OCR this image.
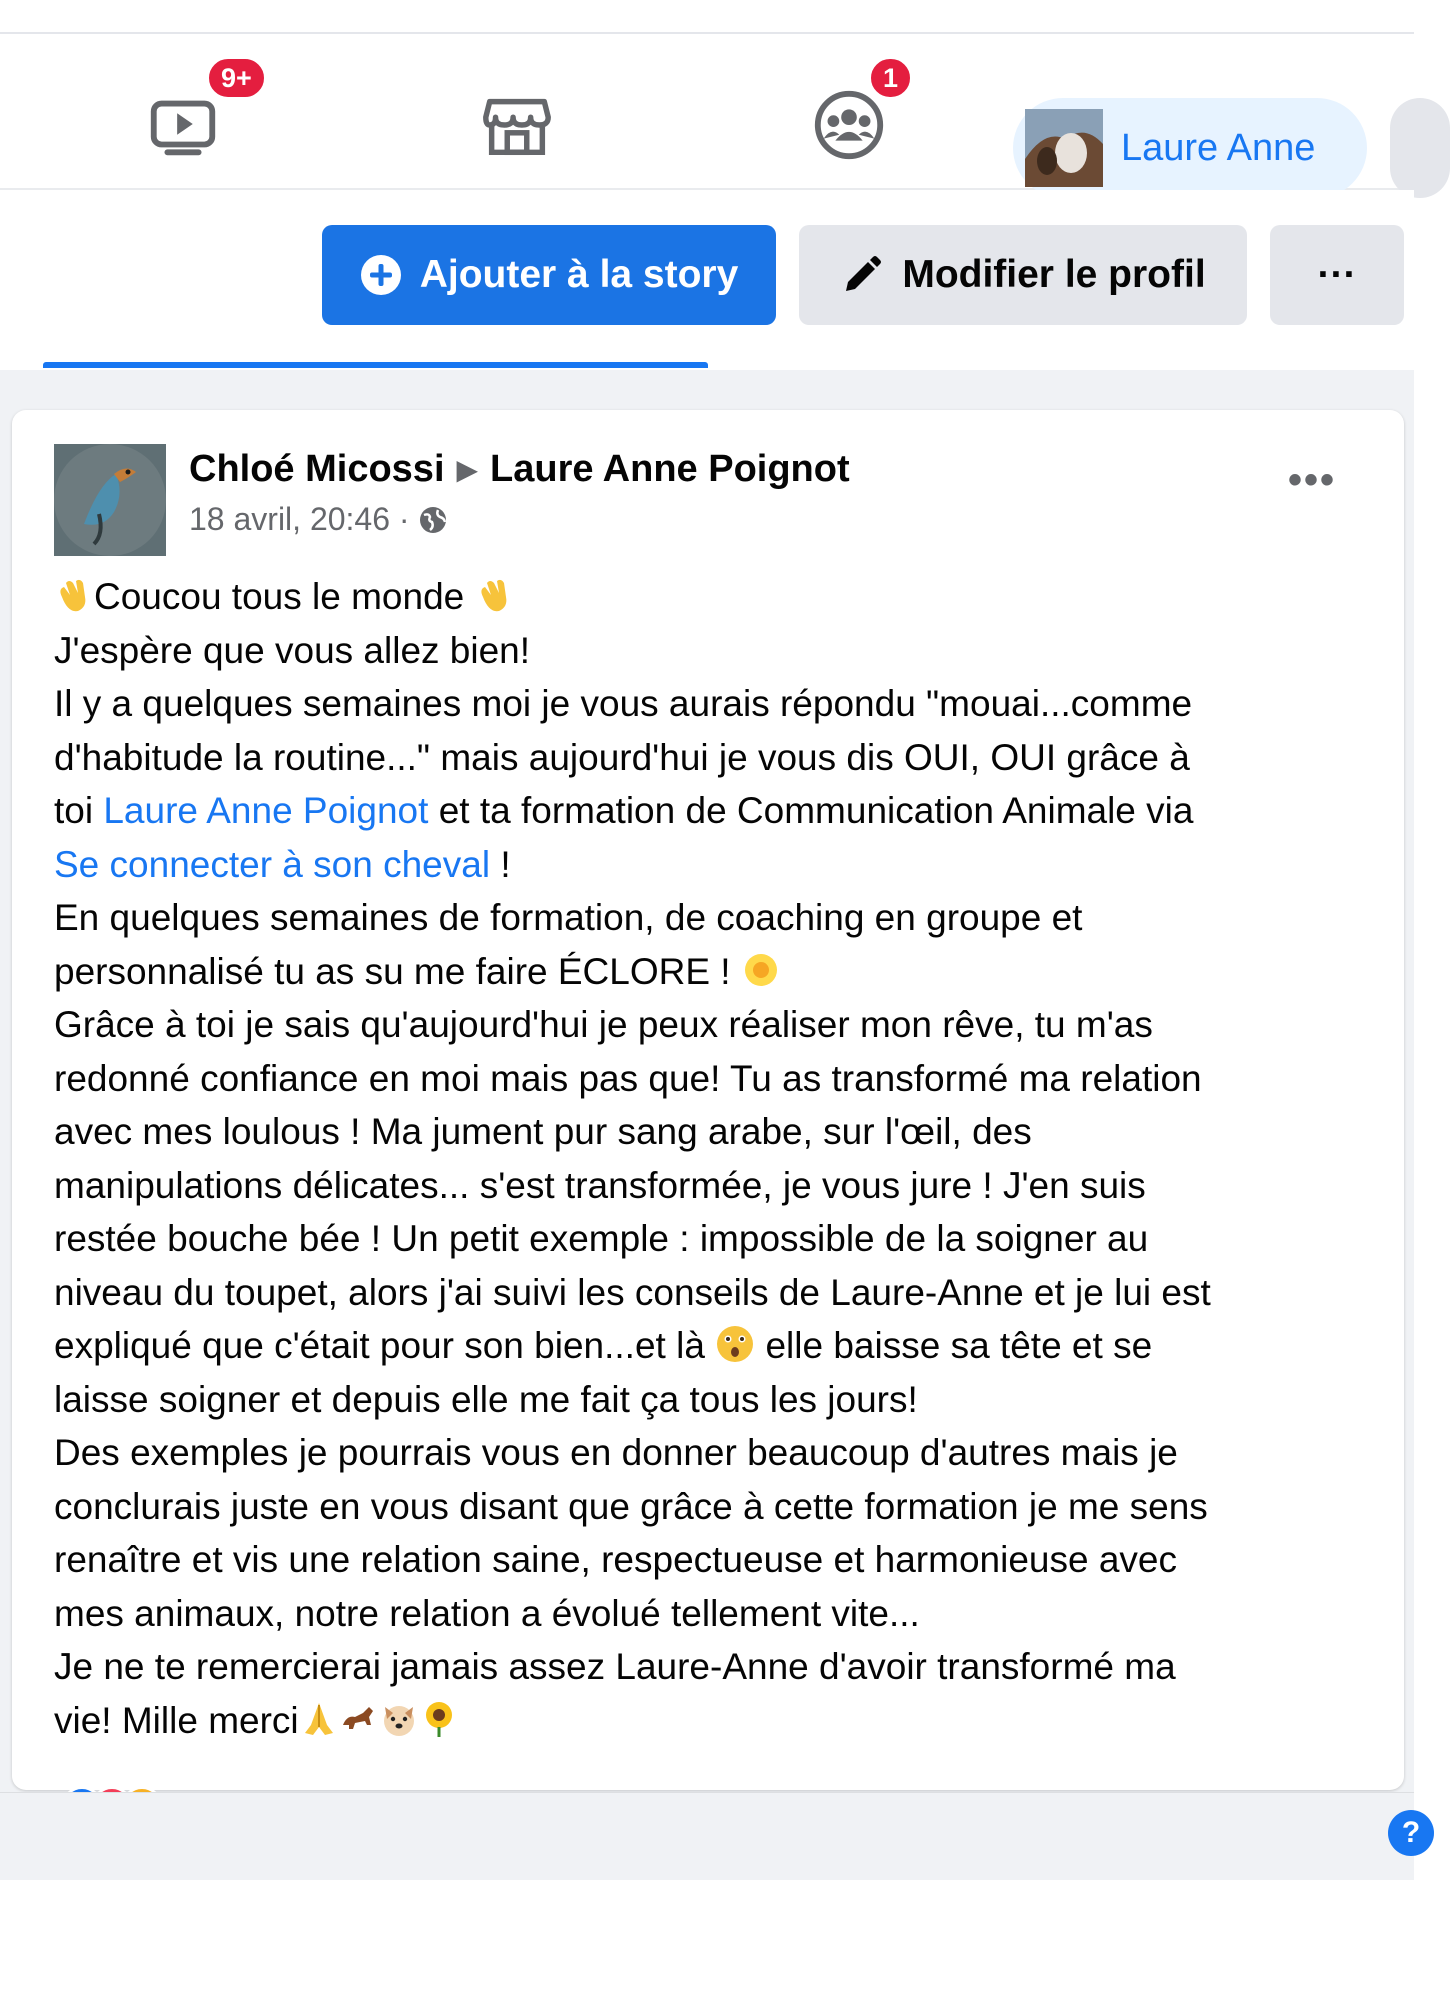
9+	1
Laure Anne
Ajouter à la story	Modifier le profil	···
Chloé Micossi ▶ Laure Anne Poignot
18 avril, 20:46 ·
•••

Coucou tous le monde

J'espère que vous allez bien!

Il y a quelques semaines moi je vous aurais répondu "mouai...comme

d'habitude la routine..." mais aujourd'hui je vous dis OUI, OUI grâce à

toi Laure Anne Poignot et ta formation de Communication Animale via

Se connecter à son cheval !

En quelques semaines de formation, de coaching en groupe et

personnalisé tu as su me faire ÉCLORE !

Grâce à toi je sais qu'aujourd'hui je peux réaliser mon rêve, tu m'as

redonné confiance en moi mais pas que! Tu as transformé ma relation

avec mes loulous ! Ma jument pur sang arabe, sur l'œil, des

manipulations délicates... s'est transformée, je vous jure ! J'en suis

restée bouche bée ! Un petit exemple : impossible de la soigner au

niveau du toupet, alors j'ai suivi les conseils de Laure-Anne et je lui est

expliqué que c'était pour son bien...et là  elle baisse sa tête et se

laisse soigner et depuis elle me fait ça tous les jours!

Des exemples je pourrais vous en donner beaucoup d'autres mais je

conclurais juste en vous disant que grâce à cette formation je me sens

renaître et vis une relation saine, respectueuse et harmonieuse avec

mes animaux, notre relation a évolué tellement vite...

Je ne te remercierai jamais assez Laure-Anne d'avoir transformé ma

vie! Mille merci

?
